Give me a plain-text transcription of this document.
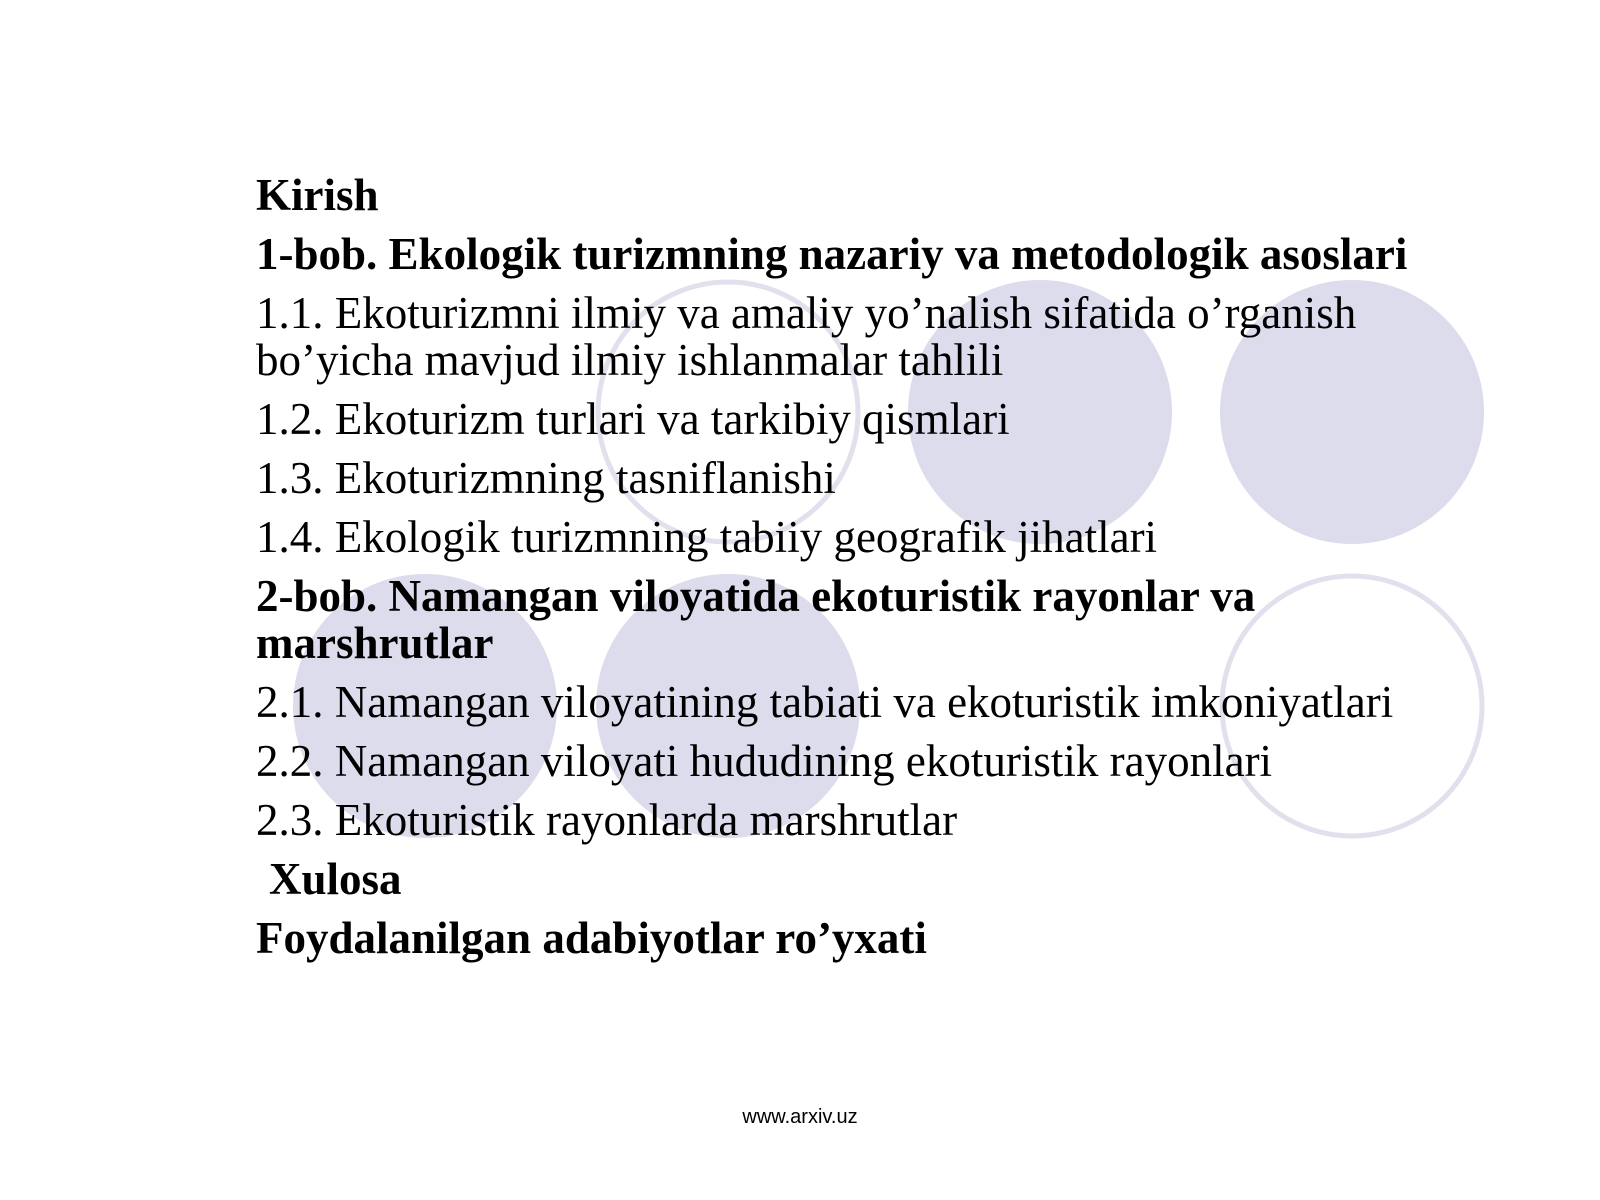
Kirish
1-bob. Ekologik turizmning nazariy va metodologik asoslari
1.1. Ekoturizmni ilmiy va amaliy yo’nalish sifatida o’rganish bo’yicha mavjud ilmiy ishlanmalar tahlili
1.2. Ekoturizm turlari va tarkibiy qismlari
1.3. Ekoturizmning tasniflanishi
1.4. Ekologik turizmning tabiiy geografik jihatlari
2-bob. Namangan viloyatida ekoturistik rayonlar va marshrutlar
2.1. Namangan viloyatining tabiati va ekoturistik imkoniyatlari
2.2. Namangan viloyati hududining ekoturistik rayonlari
2.3. Ekoturistik rayonlarda marshrutlar
Xulosa
Foydalanilgan adabiyotlar ro’yxati
www.arxiv.uz
